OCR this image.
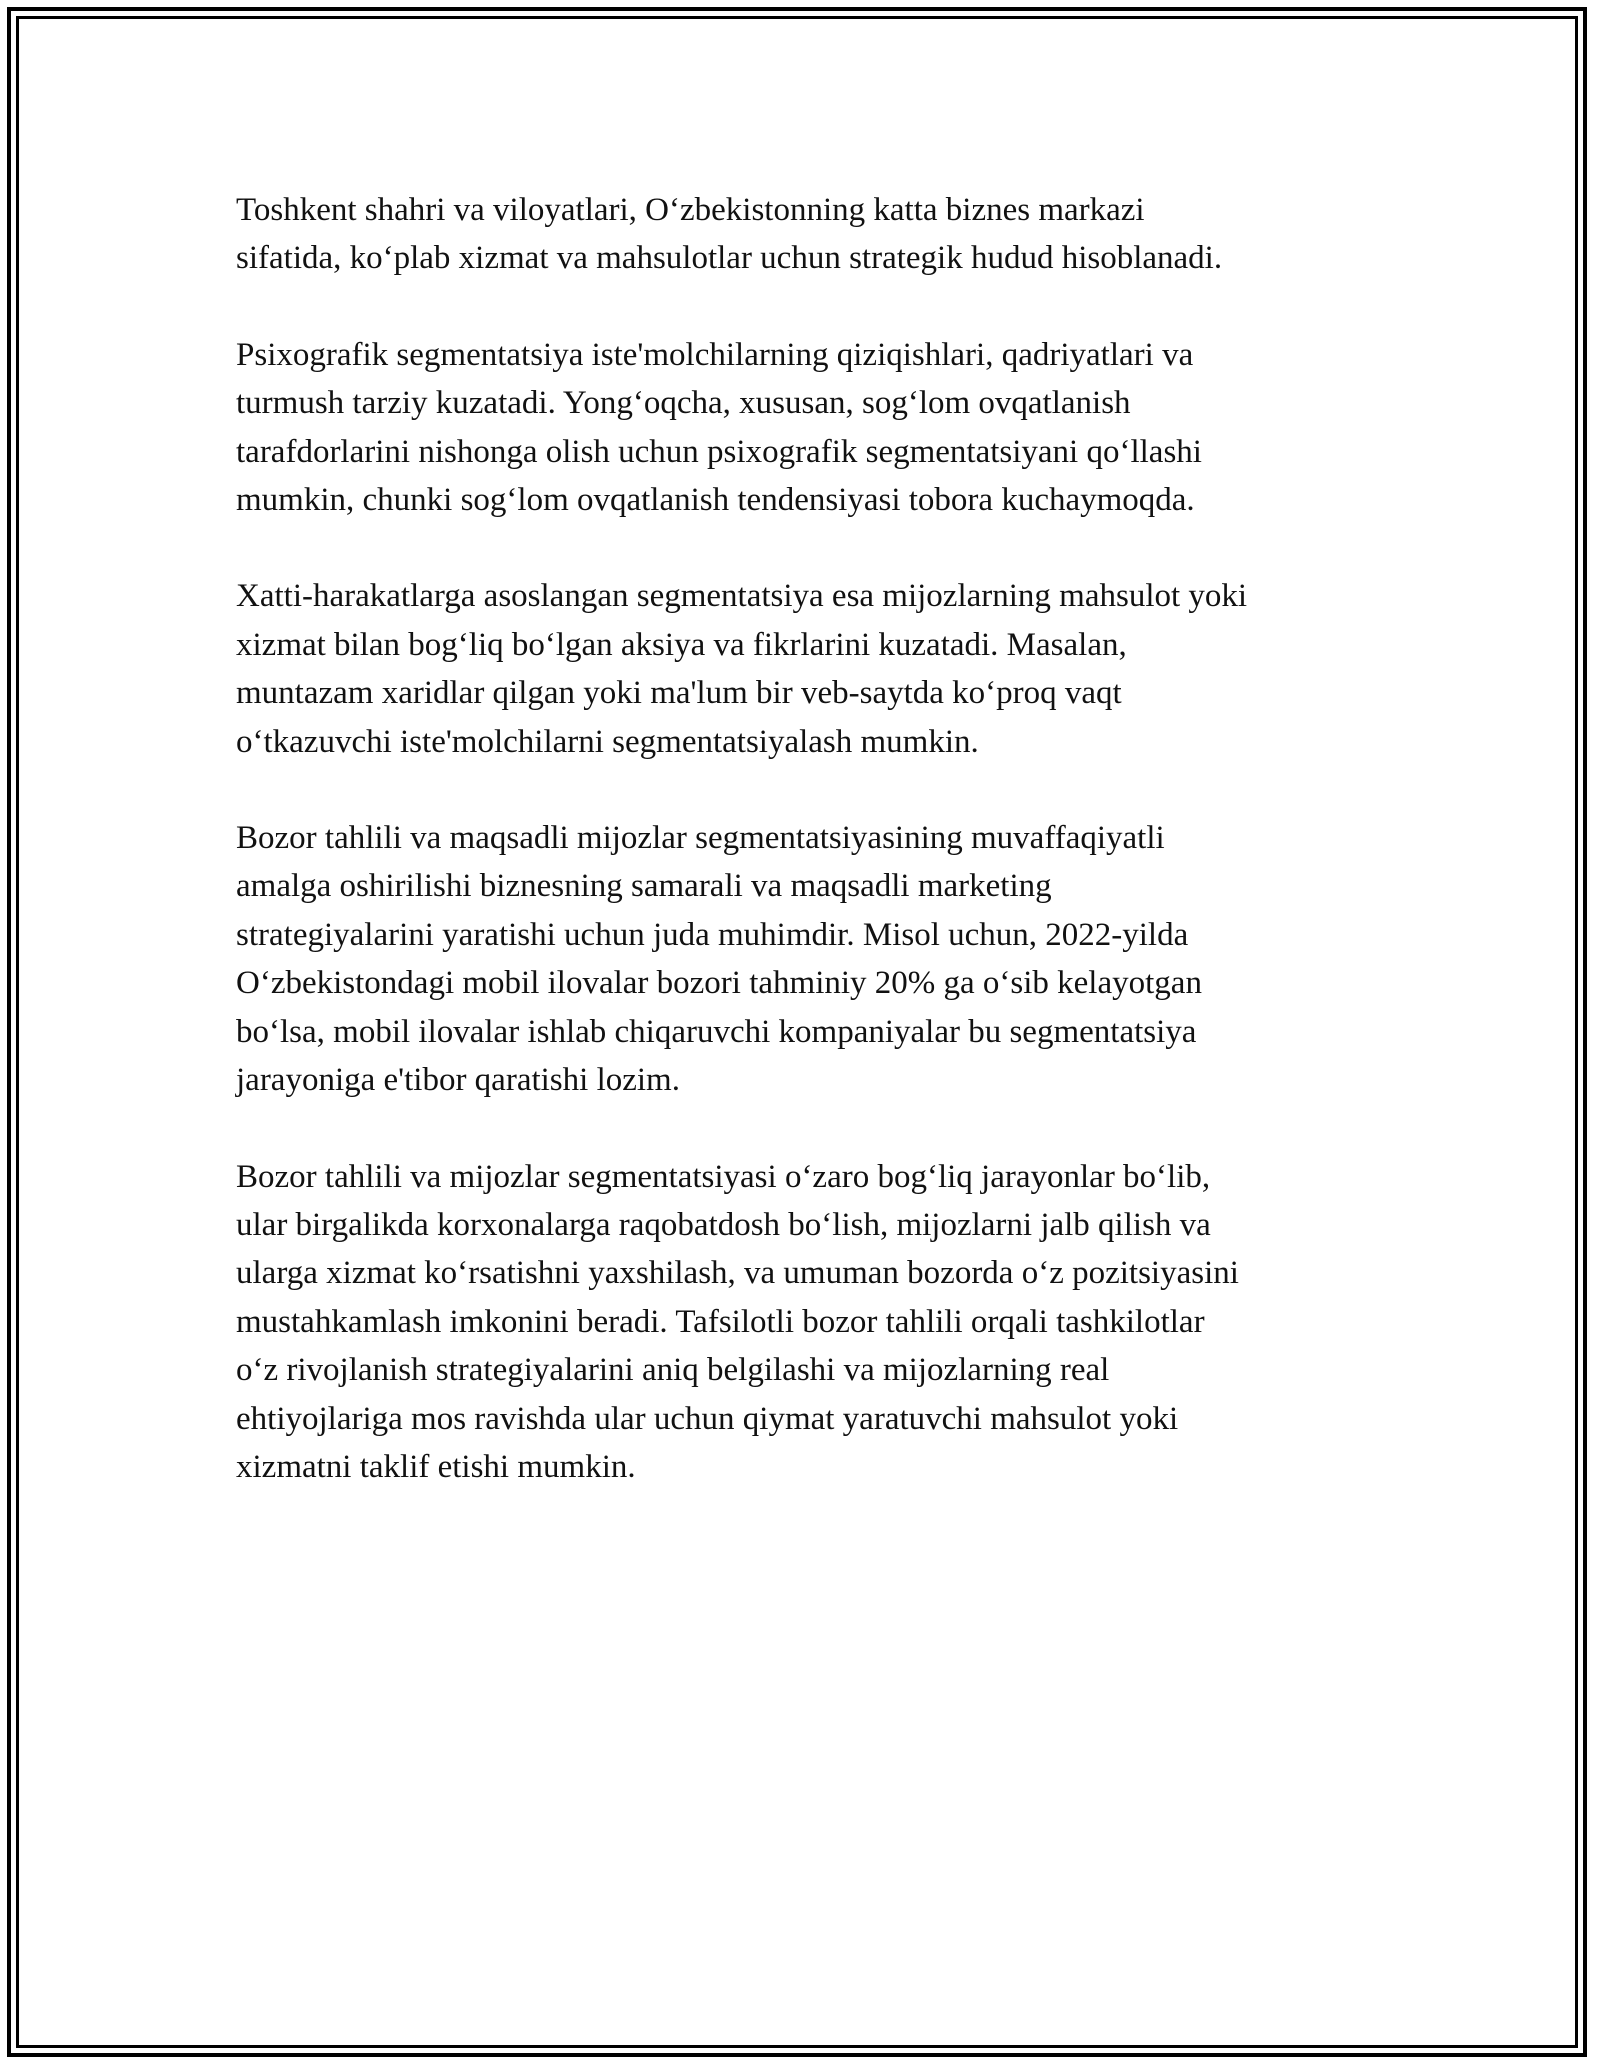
Toshkent shahri va viloyatlari, O‘zbekistonning katta biznes markazi
sifatida, ko‘plab xizmat va mahsulotlar uchun strategik hudud hisoblanadi.

Psixografik segmentatsiya iste'molchilarning qiziqishlari, qadriyatlari va
turmush tarziy kuzatadi. Yong‘oqcha, xususan, sog‘lom ovqatlanish
tarafdorlarini nishonga olish uchun psixografik segmentatsiyani qo‘llashi
mumkin, chunki sog‘lom ovqatlanish tendensiyasi tobora kuchaymoqda.

Xatti-harakatlarga asoslangan segmentatsiya esa mijozlarning mahsulot yoki
xizmat bilan bog‘liq bo‘lgan aksiya va fikrlarini kuzatadi. Masalan,
muntazam xaridlar qilgan yoki ma'lum bir veb-saytda ko‘proq vaqt
o‘tkazuvchi iste'molchilarni segmentatsiyalash mumkin.

Bozor tahlili va maqsadli mijozlar segmentatsiyasining muvaffaqiyatli
amalga oshirilishi biznesning samarali va maqsadli marketing
strategiyalarini yaratishi uchun juda muhimdir. Misol uchun, 2022-yilda
O‘zbekistondagi mobil ilovalar bozori tahminiy 20% ga o‘sib kelayotgan
bo‘lsa, mobil ilovalar ishlab chiqaruvchi kompaniyalar bu segmentatsiya
jarayoniga e'tibor qaratishi lozim.

Bozor tahlili va mijozlar segmentatsiyasi o‘zaro bog‘liq jarayonlar bo‘lib,
ular birgalikda korxonalarga raqobatdosh bo‘lish, mijozlarni jalb qilish va
ularga xizmat ko‘rsatishni yaxshilash, va umuman bozorda o‘z pozitsiyasini
mustahkamlash imkonini beradi. Tafsilotli bozor tahlili orqali tashkilotlar
o‘z rivojlanish strategiyalarini aniq belgilashi va mijozlarning real
ehtiyojlariga mos ravishda ular uchun qiymat yaratuvchi mahsulot yoki
xizmatni taklif etishi mumkin.
